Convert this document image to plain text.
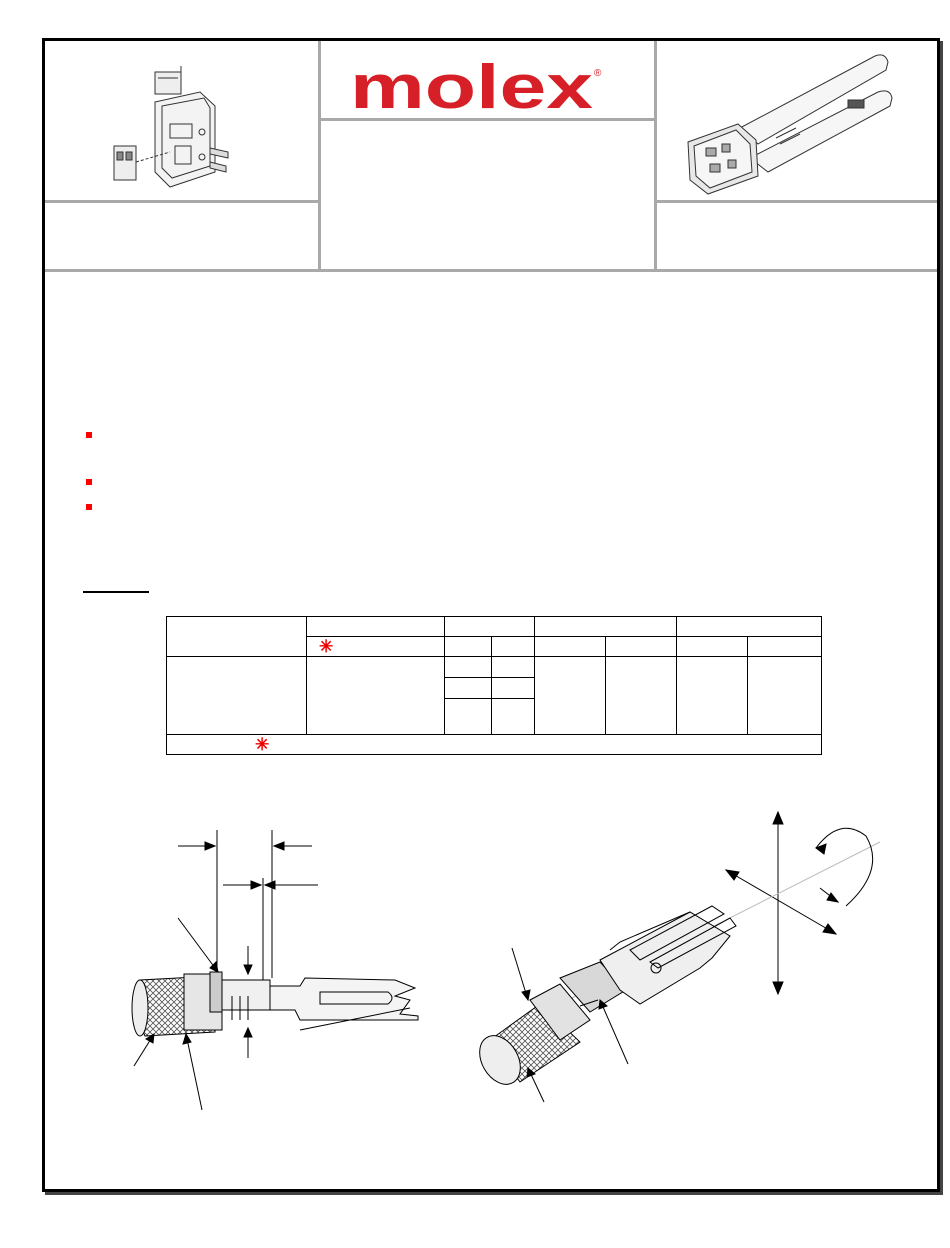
molex ®

	✳						

✳							
